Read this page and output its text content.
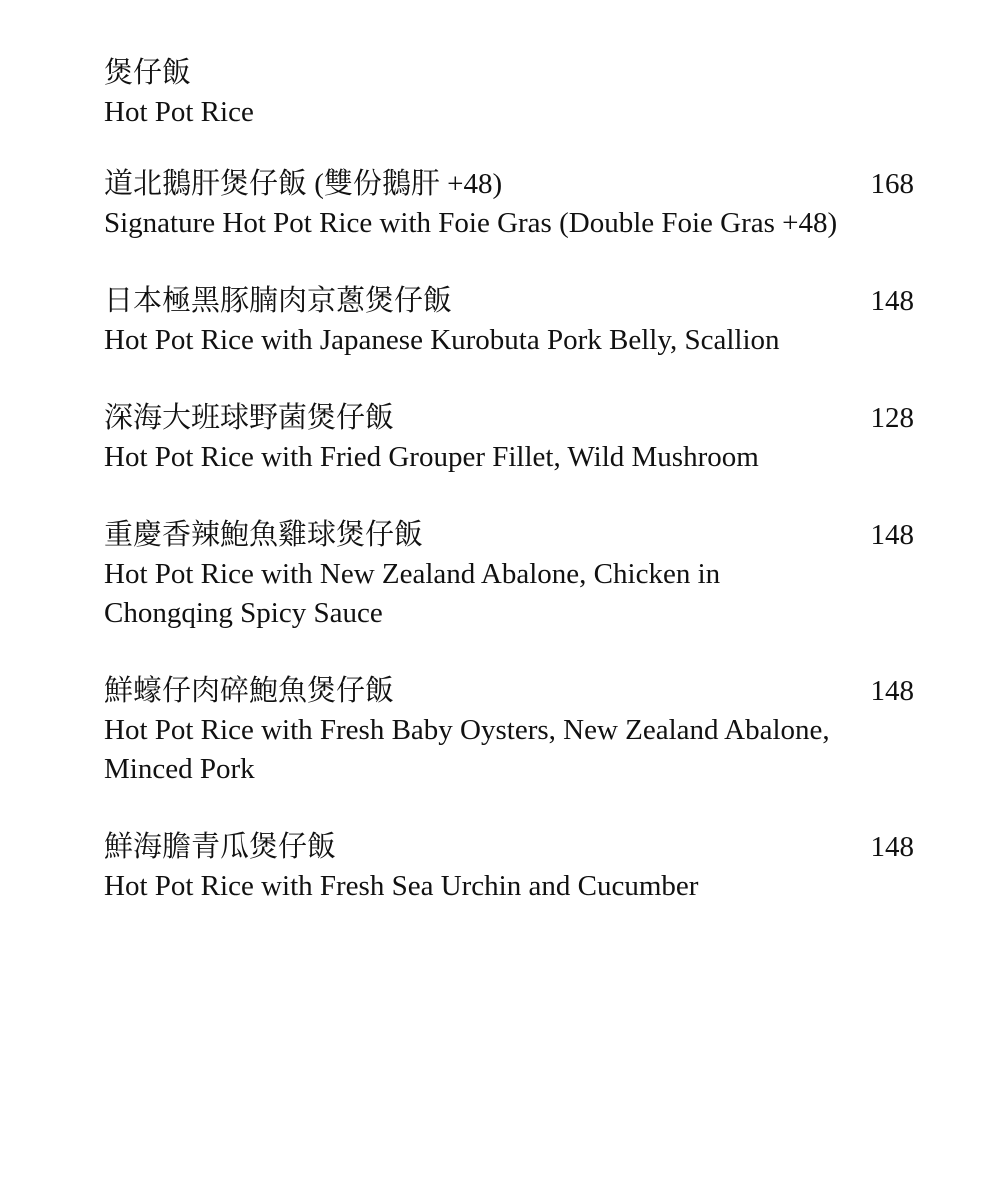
煲仔飯
Hot Pot Rice
道北鵝肝煲仔飯 (雙份鵝肝 +48)	168
Signature Hot Pot Rice with Foie Gras (Double Foie Gras +48)
日本極黑豚腩肉京蔥煲仔飯	148
Hot Pot Rice with Japanese Kurobuta Pork Belly, Scallion
深海大班球野菌煲仔飯	128
Hot Pot Rice with Fried Grouper Fillet, Wild Mushroom
重慶香辣鮑魚雞球煲仔飯	148
Hot Pot Rice with New Zealand Abalone, Chicken in Chongqing Spicy Sauce
鮮蠔仔肉碎鮑魚煲仔飯	148
Hot Pot Rice with Fresh Baby Oysters, New Zealand Abalone, Minced Pork
鮮海膽青瓜煲仔飯	148
Hot Pot Rice with Fresh Sea Urchin and Cucumber
